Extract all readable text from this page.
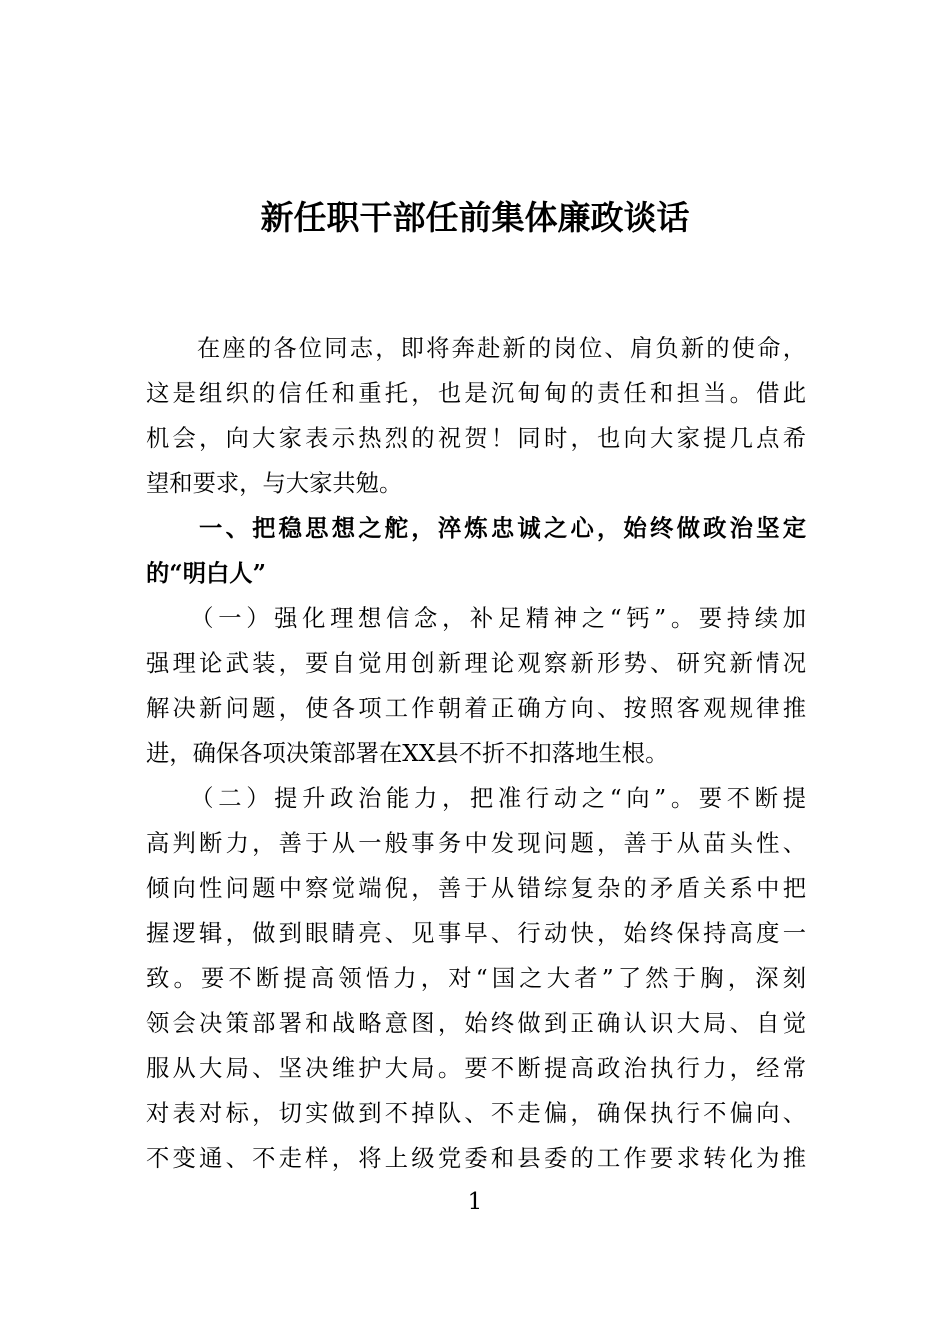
新任职干部任前集体廉政谈话
　　在座的各位同志，即将奔赴新的岗位、肩负新的使命，
这是组织的信任和重托，也是沉甸甸的责任和担当。借此
机会，向大家表示热烈的祝贺！同时，也向大家提几点希
望和要求，与大家共勉。
　　一、把稳思想之舵，淬炼忠诚之心，始终做政治坚定
的“明白人”
　　（一）强化理想信念，补足精神之“钙”。要持续加
强理论武装，要自觉用创新理论观察新形势、研究新情况
解决新问题，使各项工作朝着正确方向、按照客观规律推
进，确保各项决策部署在XX县不折不扣落地生根。
　　（二）提升政治能力，把准行动之“向”。要不断提
高判断力，善于从一般事务中发现问题，善于从苗头性、
倾向性问题中察觉端倪，善于从错综复杂的矛盾关系中把
握逻辑，做到眼睛亮、见事早、行动快，始终保持高度一
致。要不断提高领悟力，对“国之大者”了然于胸，深刻
领会决策部署和战略意图，始终做到正确认识大局、自觉
服从大局、坚决维护大局。要不断提高政治执行力，经常
对表对标，切实做到不掉队、不走偏，确保执行不偏向、
不变通、不走样，将上级党委和县委的工作要求转化为推
1
